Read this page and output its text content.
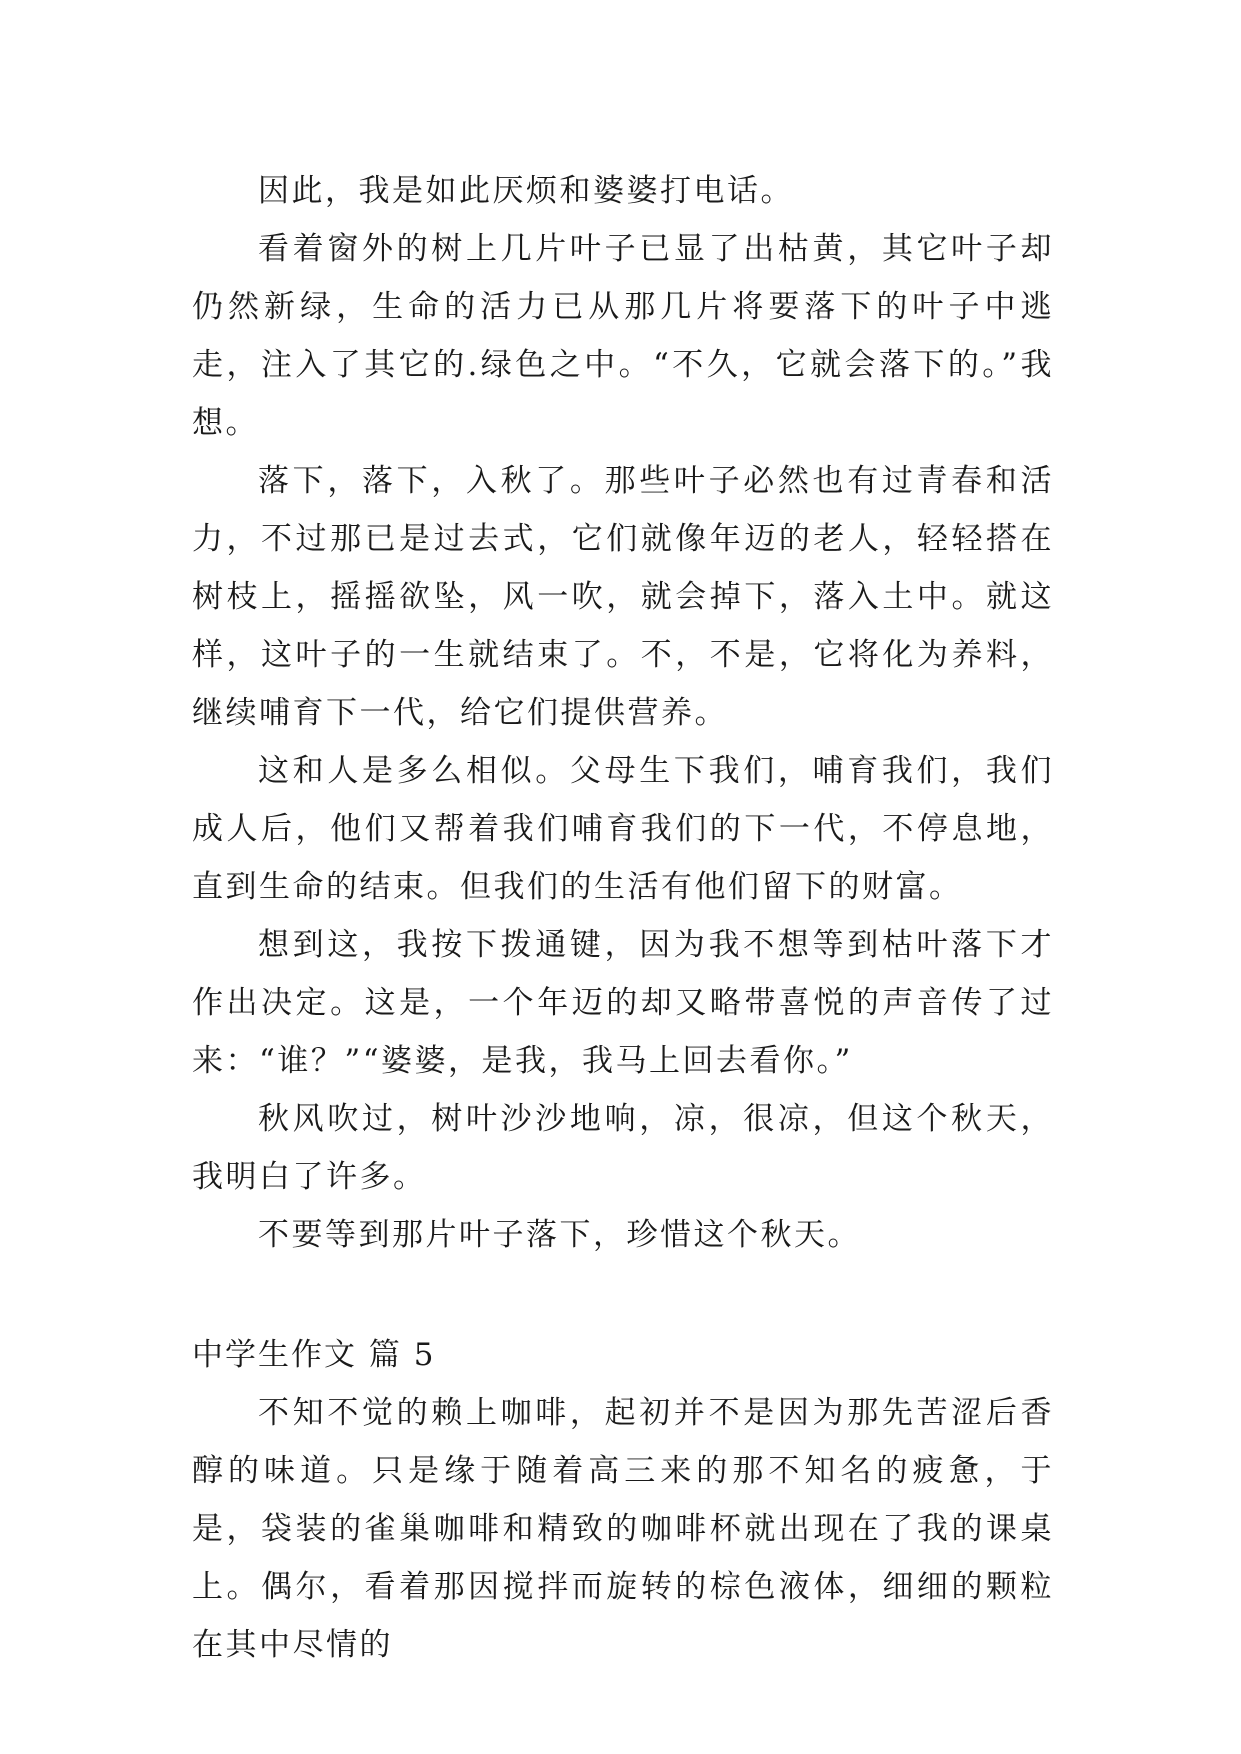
因此，我是如此厌烦和婆婆打电话。

看着窗外的树上几片叶子已显了出枯黄，其它叶子却仍然新绿，生命的活力已从那几片将要落下的叶子中逃走，注入了其它的.绿色之中。“不久，它就会落下的。”我想。

落下，落下，入秋了。那些叶子必然也有过青春和活力，不过那已是过去式，它们就像年迈的老人，轻轻搭在树枝上，摇摇欲坠，风一吹，就会掉下，落入土中。就这样，这叶子的一生就结束了。不，不是，它将化为养料，继续哺育下一代，给它们提供营养。

这和人是多么相似。父母生下我们，哺育我们，我们成人后，他们又帮着我们哺育我们的下一代，不停息地，直到生命的结束。但我们的生活有他们留下的财富。

想到这，我按下拨通键，因为我不想等到枯叶落下才作出决定。这是，一个年迈的却又略带喜悦的声音传了过来：“谁？”“婆婆，是我，我马上回去看你。”

秋风吹过，树叶沙沙地响，凉，很凉，但这个秋天，我明白了许多。

不要等到那片叶子落下，珍惜这个秋天。

中学生作文 篇 5

不知不觉的赖上咖啡，起初并不是因为那先苦涩后香醇的味道。只是缘于随着高三来的那不知名的疲惫，于是，袋装的雀巢咖啡和精致的咖啡杯就出现在了我的课桌上。偶尔，看着那因搅拌而旋转的棕色液体，细细的颗粒在其中尽情的
